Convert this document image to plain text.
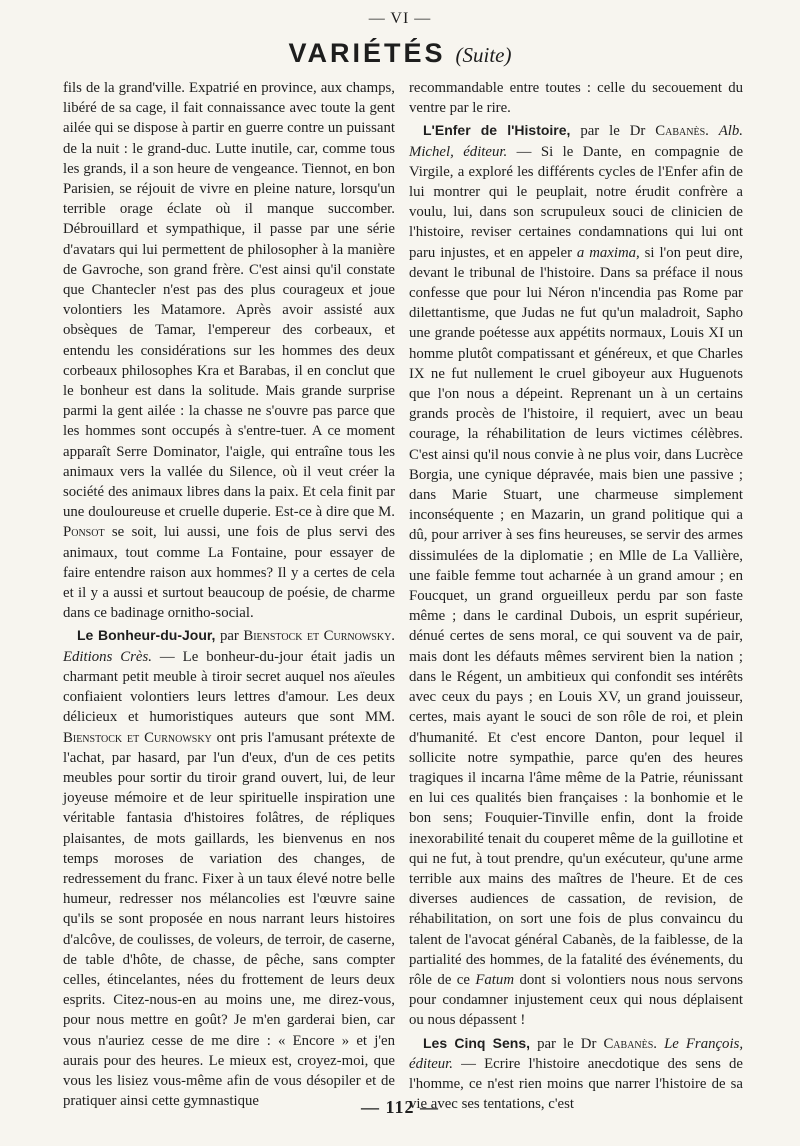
— VI —
VARIÉTÉS (Suite)

fils de la grand'ville. Expatrié en province, aux champs, libéré de sa cage, il fait connaissance avec toute la gent ailée qui se dispose à partir en guerre contre un puissant de la nuit : le grand-duc. Lutte inutile, car, comme tous les grands, il a son heure de vengeance. Tiennot, en bon Parisien, se réjouit de vivre en pleine nature, lorsqu'un terrible orage éclate où il manque succomber. Débrouillard et sympathique, il passe par une série d'avatars qui lui permettent de philosopher à la manière de Gavroche, son grand frère. C'est ainsi qu'il constate que Chantecler n'est pas des plus courageux et joue volontiers les Matamore. Après avoir assisté aux obsèques de Tamar, l'empereur des corbeaux, et entendu les considérations sur les hommes des deux corbeaux philosophes Kra et Barabas, il en conclut que le bonheur est dans la solitude. Mais grande surprise parmi la gent ailée : la chasse ne s'ouvre pas parce que les hommes sont occupés à s'entre-tuer. A ce moment apparaît Serre Dominator, l'aigle, qui entraîne tous les animaux vers la vallée du Silence, où il veut créer la société des animaux libres dans la paix. Et cela finit par une douloureuse et cruelle duperie. Est-ce à dire que M. Ponsot se soit, lui aussi, une fois de plus servi des animaux, tout comme La Fontaine, pour essayer de faire entendre raison aux hommes? Il y a certes de cela et il y a aussi et surtout beaucoup de poésie, de charme dans ce badinage ornitho-social.

Le Bonheur-du-Jour, par Bienstock et Curnowsky. Editions Crès. — Le bonheur-du-jour était jadis un charmant petit meuble à tiroir secret auquel nos aïeules confiaient volontiers leurs lettres d'amour. Les deux délicieux et humoristiques auteurs que sont MM. Bienstock et Curnowsky ont pris l'amusant prétexte de l'achat, par hasard, par l'un d'eux, d'un de ces petits meubles pour sortir du tiroir grand ouvert, lui, de leur joyeuse mémoire et de leur spirituelle inspiration une véritable fantasia d'histoires folâtres, de répliques plaisantes, de mots gaillards, les bienvenus en nos temps moroses de variation des changes, de redressement du franc. Fixer à un taux élevé notre belle humeur, redresser nos mélancolies est l'œuvre saine qu'ils se sont proposée en nous narrant leurs histoires d'alcôve, de coulisses, de voleurs, de terroir, de caserne, de table d'hôte, de chasse, de pêche, sans compter celles, étincelantes, nées du frottement de leurs deux esprits. Citez-nous-en au moins une, me direz-vous, pour nous mettre en goût? Je m'en garderai bien, car vous n'auriez cesse de me dire : « Encore » et j'en aurais pour des heures. Le mieux est, croyez-moi, que vous les lisiez vous-même afin de vous désopiler et de pratiquer ainsi cette gymnastique

recommandable entre toutes : celle du secouement du ventre par le rire.

L'Enfer de l'Histoire, par le Dr Cabanès. Alb. Michel, éditeur. — Si le Dante, en compagnie de Virgile, a exploré les différents cycles de l'Enfer afin de lui montrer qui le peuplait, notre érudit confrère a voulu, lui, dans son scrupuleux souci de clinicien de l'histoire, reviser certaines condamnations qui lui ont paru injustes, et en appeler a maxima, si l'on peut dire, devant le tribunal de l'histoire. Dans sa préface il nous confesse que pour lui Néron n'incendia pas Rome par dilettantisme, que Judas ne fut qu'un maladroit, Sapho une grande poétesse aux appétits normaux, Louis XI un homme plutôt compatissant et généreux, et que Charles IX ne fut nullement le cruel giboyeur aux Huguenots que l'on nous a dépeint. Reprenant un à un certains grands procès de l'histoire, il requiert, avec un beau courage, la réhabilitation de leurs victimes célèbres. C'est ainsi qu'il nous convie à ne plus voir, dans Lucrèce Borgia, une cynique dépravée, mais bien une passive ; dans Marie Stuart, une charmeuse simplement inconséquente ; en Mazarin, un grand politique qui a dû, pour arriver à ses fins heureuses, se servir des armes dissimulées de la diplomatie ; en Mlle de La Vallière, une faible femme tout acharnée à un grand amour ; en Foucquet, un grand orgueilleux perdu par son faste même ; dans le cardinal Dubois, un esprit supérieur, dénué certes de sens moral, ce qui souvent va de pair, mais dont les défauts mêmes servirent bien la nation ; dans le Régent, un ambitieux qui confondit ses intérêts avec ceux du pays ; en Louis XV, un grand jouisseur, certes, mais ayant le souci de son rôle de roi, et plein d'humanité. Et c'est encore Danton, pour lequel il sollicite notre sympathie, parce qu'en des heures tragiques il incarna l'âme même de la Patrie, réunissant en lui ces qualités bien françaises : la bonhomie et le bon sens; Fouquier-Tinville enfin, dont la froide inexorabilité tenait du couperet même de la guillotine et qui ne fut, à tout prendre, qu'un exécuteur, qu'une arme terrible aux mains des maîtres de l'heure. Et de ces diverses audiences de cassation, de revision, de réhabilitation, on sort une fois de plus convaincu du talent de l'avocat général Cabanès, de la faiblesse, de la partialité des hommes, de la fatalité des événements, du rôle de ce Fatum dont si volontiers nous nous servons pour condamner injustement ceux qui nous déplaisent ou nous dépassent !

Les Cinq Sens, par le Dr Cabanès. Le François, éditeur. — Ecrire l'histoire anecdotique des sens de l'homme, ce n'est rien moins que narrer l'histoire de sa vie avec ses tentations, c'est

— 112 —
